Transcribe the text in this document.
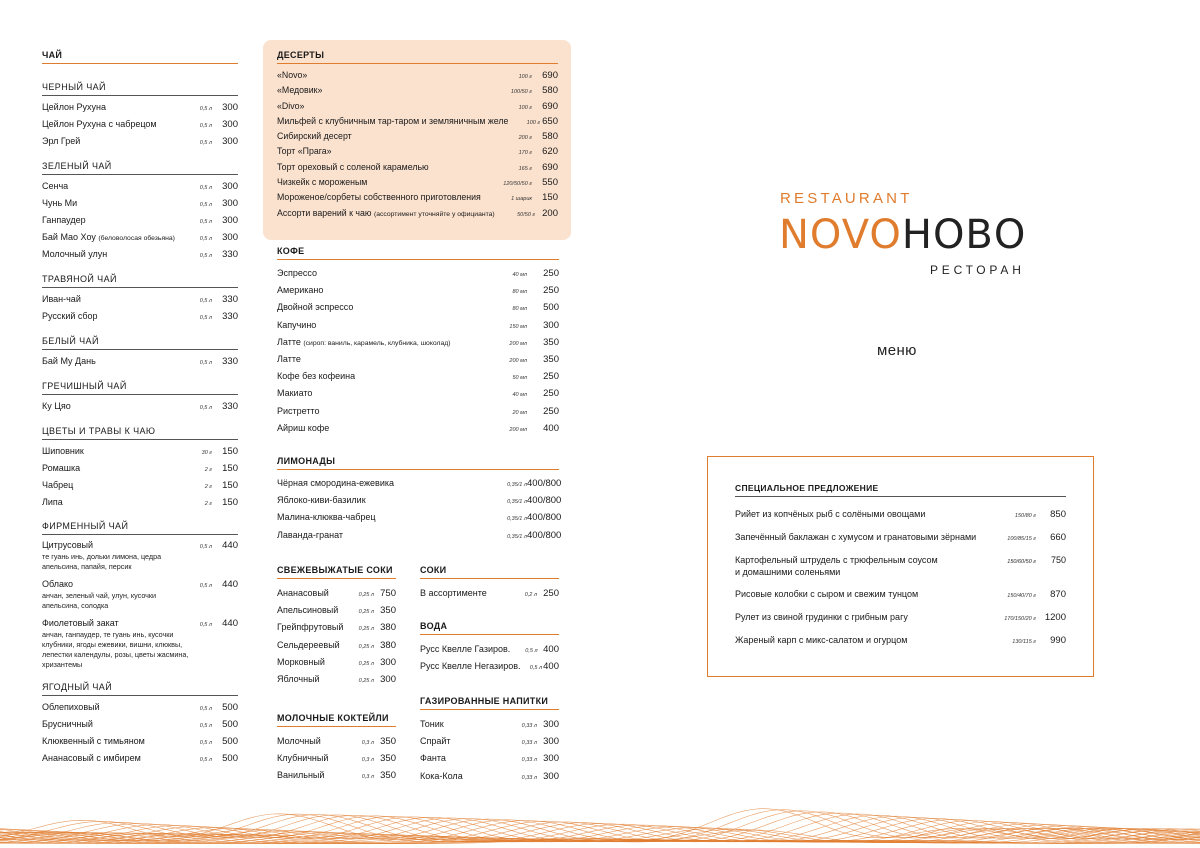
ЧАЙ
ЧЕРНЫЙ ЧАЙ
Цейлон Рухуна	0,5 л	300
Цейлон Рухуна с чабрецом	0,5 л	300
Эрл Грей	0,5 л	300
ЗЕЛЕНЫЙ ЧАЙ
Сенча	0,5 л	300
Чунь Ми	0,5 л	300
Ганпаудер	0,5 л	300
Бай Мао Хоу (беловолосая обезьяна)	0,5 л	300
Молочный улун	0,5 л	330
ТРАВЯНОЙ ЧАЙ
Иван-чай	0,5 л	330
Русский сбор	0,5 л	330
БЕЛЫЙ ЧАЙ
Бай Му Дань	0,5 л	330
ГРЕЧИШНЫЙ ЧАЙ
Ку Цяо	0,5 л	330
ЦВЕТЫ И ТРАВЫ К ЧАЮ
Шиповник	30 г	150
Ромашка	2 г	150
Чабрец	2 г	150
Липа	2 г	150
ФИРМЕННЫЙ ЧАЙ
Цитрусовый	0,5 л	440
те гуань инь, дольки лимона, цедра апельсина, папайя, персик
Облако	0,5 л	440
анчан, зеленый чай, улун, кусочки апельсина, солодка
Фиолетовый закат	0,5 л	440
анчан, ганпаудер, те гуань инь, кусочки клубники, ягоды ежевики, вишни, клюквы, лепестки календулы, розы, цветы жасмина, хризантемы
ЯГОДНЫЙ ЧАЙ
Облепиховый	0,5 л	500
Брусничный	0,5 л	500
Клюквенный с тимьяном	0,5 л	500
Ананасовый с имбирем	0,5 л	500
ДЕСЕРТЫ
«Novo»	100 г	690
«Медовик»	100/50 г	580
«Divo»	100 г	690
Мильфей с клубничным тар-таром и земляничным желе	100 г 650
Сибирский десерт	200 г	580
Торт «Прага»	170 г	620
Торт ореховый с соленой карамелью	165 г	690
Чизкейк с мороженым	120/50/50 г	550
Мороженое/сорбеты собственного приготовления	1 шарик	150
Ассорти варений к чаю (ассортимент уточняйте у официанта)	50/50 г 200
КОФЕ
Эспрессо	40 мл	250
Американо	80 мл	250
Двойной эспрессо	80 мл	500
Капучино	150 мл	300
Латте (сироп: ваниль, карамель, клубника, шоколад)	200 мл	350
Латте	200 мл	350
Кофе без кофеина	50 мл	250
Макиато	40 мл	250
Ристретто	20 мл	250
Айриш кофе	200 мл	400
ЛИМОНАДЫ
Чёрная смородина-ежевика	0,35/1 л 400/800
Яблоко-киви-базилик	0,35/1 л 400/800
Малина-клюква-чабрец	0,35/1 л 400/800
Лаванда-гранат	0,35/1 л 400/800
СВЕЖЕВЫЖАТЫЕ СОКИ
Ананасовый	0,25 л 750
Апельсиновый	0,25 л 350
Грейпфрутовый	0,25 л 380
Сельдереевый	0,25 л 380
Морковный	0,25 л 300
Яблочный	0,25 л 300
МОЛОЧНЫЕ КОКТЕЙЛИ
Молочный	0,3 л 350
Клубничный	0,3 л 350
Ванильный	0,3 л 350
СОКИ
В ассортименте	0,2 л 250
ВОДА
Русс Квелле Газиров.	0,5 л 400
Русс Квелле Негазиров.	0,5 л 400
ГАЗИРОВАННЫЕ НАПИТКИ
Тоник	0,33 л 300
Спрайт	0,33 л 300
Фанта	0,33 л 300
Кока-Кола	0,33 л 300
RESTAURANT
NOVOНОВО
РЕСТОРАН
меню
СПЕЦИАЛЬНОЕ ПРЕДЛОЖЕНИЕ
Рийет из копчёных рыб с солёными овощами	150/80 г	850
Запечённый баклажан с хумусом и гранатовыми зёрнами	100/85/15 г	660
Картофельный штрудель с трюфельным соусом
и домашними соленьями
150/60/50 г	750
Рисовые колобки с сыром и свежим тунцом	150/40/70 г	870
Рулет из свиной грудинки с грибным рагу	170/150/20 г 1200
Жареный карп с микс-салатом и огурцом	130/115 г	990
